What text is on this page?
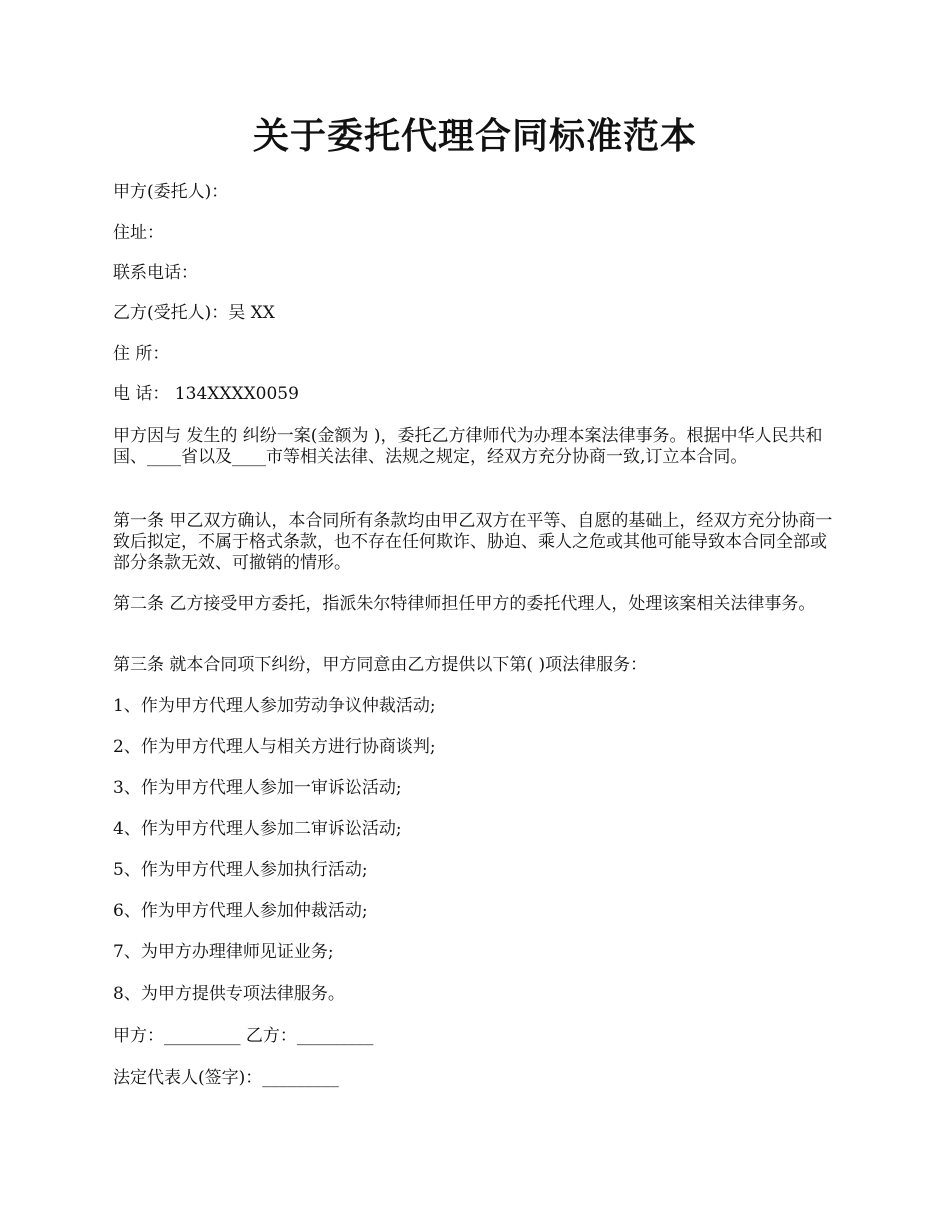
关于委托代理合同标准范本

甲方(委托人)：

住址：

联系电话：

乙方(受托人)：吴 XX

住 所：

电 话： 134XXXX0059

甲方因与 发生的 纠纷一案(金额为 )，委托乙方律师代为办理本案法律事务。根据中华人民共和国、____省以及____市等相关法律、法规之规定，经双方充分协商一致,订立本合同。

第一条 甲乙双方确认，本合同所有条款均由甲乙双方在平等、自愿的基础上，经双方充分协商一致后拟定，不属于格式条款，也不存在任何欺诈、胁迫、乘人之危或其他可能导致本合同全部或部分条款无效、可撤销的情形。

第二条 乙方接受甲方委托，指派朱尔特律师担任甲方的委托代理人，处理该案相关法律事务。

第三条 就本合同项下纠纷，甲方同意由乙方提供以下第( )项法律服务：

1、作为甲方代理人参加劳动争议仲裁活动;

2、作为甲方代理人与相关方进行协商谈判;

3、作为甲方代理人参加一审诉讼活动;

4、作为甲方代理人参加二审诉讼活动;

5、作为甲方代理人参加执行活动;

6、作为甲方代理人参加仲裁活动;

7、为甲方办理律师见证业务;

8、为甲方提供专项法律服务。

甲方：_________ 乙方：_________

法定代表人(签字)：_________
